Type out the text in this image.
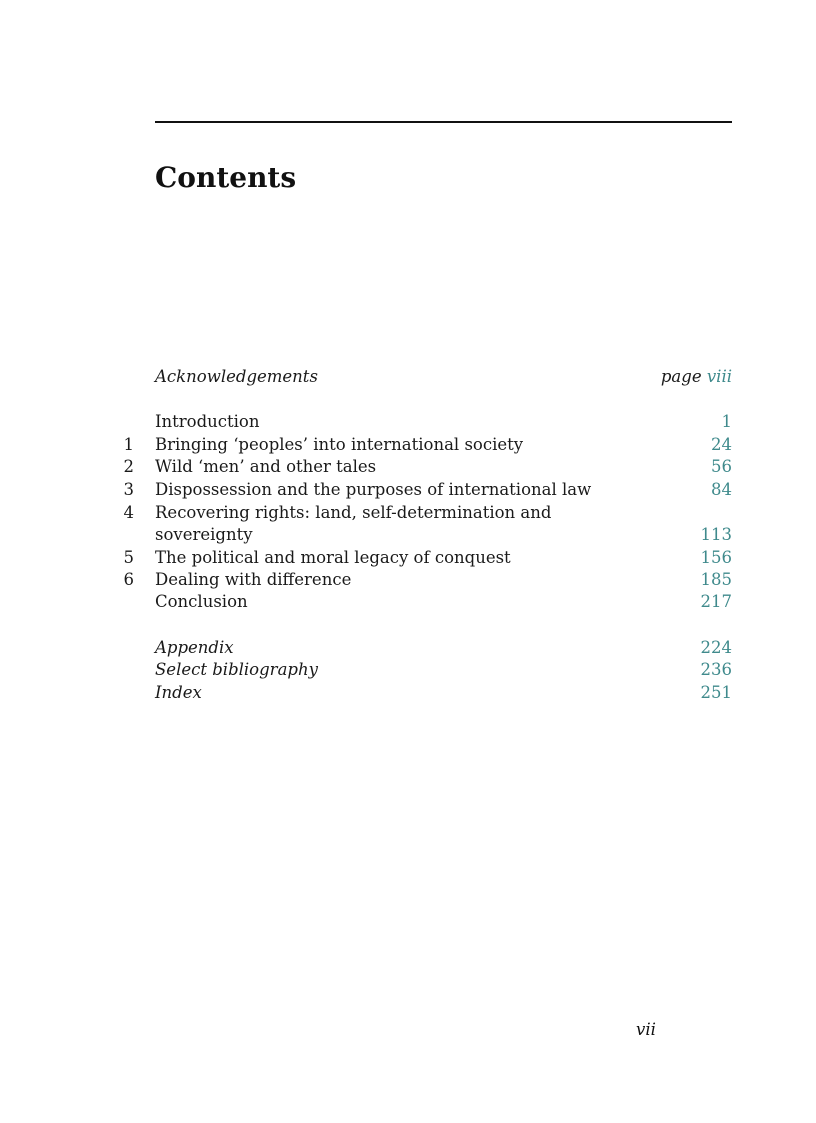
Contents
Acknowledgements	page viii
Introduction	1
1 Bringing ‘peoples’ into international society	24
2 Wild ‘men’ and other tales	56
3 Dispossession and the purposes of international law	84
4 Recovering rights: land, self-determination and
sovereignty	113
5 The political and moral legacy of conquest	156
6 Dealing with difference	185
Conclusion	217
Appendix	224
Select bibliography	236
Index	251
vii
